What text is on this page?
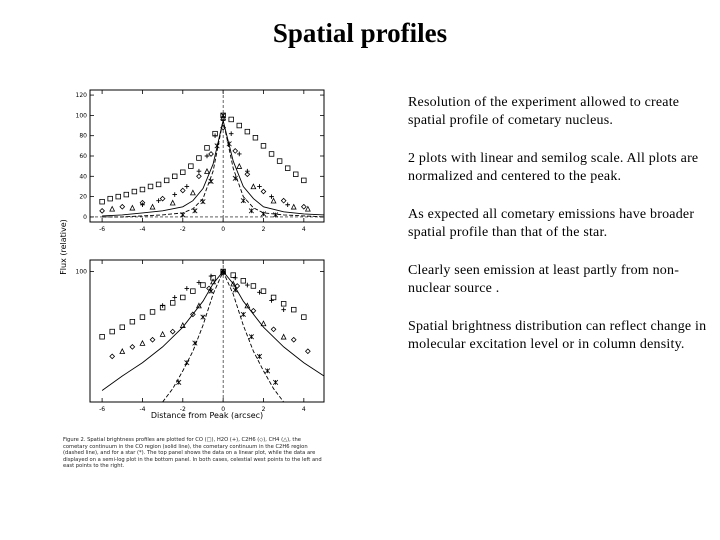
Spatial profiles
-6	-4	-2	0	2	4
0
20
40
60
80
100
120
-6	-4	-2	0	2	4
100
Flux (relative)
Distance from Peak (arcsec)
Figure 2. Spatial brightness profiles are plotted for CO (□), H2O (+), C2H6 (◇), CH4 (△), the cometary continuum in the CO region (solid line), the cometary continuum in the C2H6 region (dashed line), and for a star (*). The top panel shows the data on a linear plot, while the data are displayed on a semi-log plot in the bottom panel. In both cases, celestial west points to the left and east points to the right.

Resolution of the experiment allowed to create spatial profile of cometary nucleus.

2 plots with linear and semilog scale. All plots are normalized and centered to the peak.

As expected all cometary emissions have broader spatial profile than that of the star.

Clearly seen emission at least partly from non-nuclear source .

Spatial brightness distribution can reflect change in molecular excitation level or in column density.
